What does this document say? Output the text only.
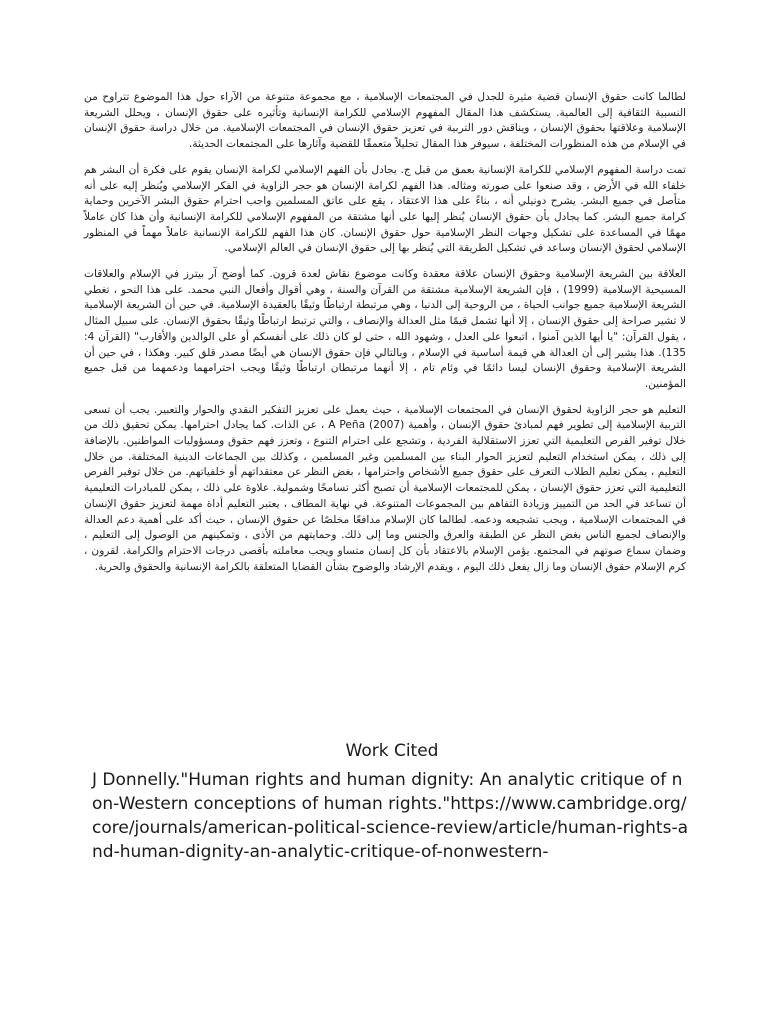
لطالما كانت حقوق الإنسان قضية مثيرة للجدل في المجتمعات الإسلامية ، مع مجموعة متنوعة من الآراء حول هذا الموضوع تتراوح من النسبية الثقافية إلى العالمية. يستكشف هذا المقال المفهوم الإسلامي للكرامة الإنسانية وتأثيره على حقوق الإنسان ، ويحلل الشريعة الإسلامية وعلاقتها بحقوق الإنسان ، ويناقش دور التربية في تعزيز حقوق الإنسان في المجتمعات الإسلامية. من خلال دراسة حقوق الإنسان في الإسلام من هذه المنظورات المختلفة ، سيوفر هذا المقال تحليلاً متعمقًا للقضية وآثارها على المجتمعات الحديثة.

تمت دراسة المفهوم الإسلامي للكرامة الإنسانية بعمق من قبل ج. يجادل بأن الفهم الإسلامي لكرامة الإنسان يقوم على فكرة أن البشر هم خلفاء الله في الأرض ، وقد صنعوا على صورته ومثاله. هذا الفهم لكرامة الإنسان هو حجر الزاوية في الفكر الإسلامي ويُنظر إليه على أنه متأصل في جميع البشر. يشرح دونيلي أنه ، بناءً على هذا الاعتقاد ، يقع على عاتق المسلمين واجب احترام حقوق البشر الآخرين وحماية كرامة جميع البشر. كما يجادل بأن حقوق الإنسان يُنظر إليها على أنها مشتقة من المفهوم الإسلامي للكرامة الإنسانية وأن هذا كان عاملاً مهمًا في المساعدة على تشكيل وجهات النظر الإسلامية حول حقوق الإنسان. كان هذا الفهم للكرامة الإنسانية عاملاً مهماً في المنظور الإسلامي لحقوق الإنسان وساعد في تشكيل الطريقة التي يُنظر بها إلى حقوق الإنسان في العالم الإسلامي.

العلاقة بين الشريعة الإسلامية وحقوق الإنسان علاقة معقدة وكانت موضوع نقاش لعدة قرون. كما أوضح آر بيترز في الإسلام والعلاقات المسيحية الإسلامية (1999) ، فإن الشريعة الإسلامية مشتقة من القرآن والسنة ، وهي أقوال وأفعال النبي محمد. على هذا النحو ، تغطي الشريعة الإسلامية جميع جوانب الحياة ، من الروحية إلى الدنيا ، وهي مرتبطة ارتباطًا وثيقًا بالعقيدة الإسلامية. في حين أن الشريعة الإسلامية لا تشير صراحة إلى حقوق الإنسان ، إلا أنها تشمل قيمًا مثل العدالة والإنصاف ، والتي ترتبط ارتباطًا وثيقًا بحقوق الإنسان. على سبيل المثال ، يقول القرآن: "يا أيها الذين آمنوا ، اتبعوا على العدل ، وشهود الله ، حتى لو كان ذلك على أنفسكم أو على الوالدين والأقارب" (القرآن 4: 135). هذا يشير إلى أن العدالة هي قيمة أساسية في الإسلام ، وبالتالي فإن حقوق الإنسان هي أيضًا مصدر قلق كبير. وهكذا ، في حين أن الشريعة الإسلامية وحقوق الإنسان ليسا دائمًا في وئام تام ، إلا أنهما مرتبطان ارتباطًا وثيقًا ويجب احترامهما ودعمهما من قبل جميع المؤمنين.

التعليم هو حجر الزاوية لحقوق الإنسان في المجتمعات الإسلامية ، حيث يعمل على تعزيز التفكير النقدي والحوار والتعبير. يجب أن تسعى التربية الإسلامية إلى تطوير فهم لمبادئ حقوق الإنسان ، وأهمية A Peña (2007) ، عن الذات. كما يجادل احترامها. يمكن تحقيق ذلك من خلال توفير الفرص التعليمية التي تعزز الاستقلالية الفردية ، وتشجع على احترام التنوع ، وتعزز فهم حقوق ومسؤوليات المواطنين. بالإضافة إلى ذلك ، يمكن استخدام التعليم لتعزيز الحوار البناء بين المسلمين وغير المسلمين ، وكذلك بين الجماعات الدينية المختلفة. من خلال التعليم ، يمكن تعليم الطلاب التعرف على حقوق جميع الأشخاص واحترامها ، بغض النظر عن معتقداتهم أو خلفياتهم. من خلال توفير الفرص التعليمية التي تعزز حقوق الإنسان ، يمكن للمجتمعات الإسلامية أن تصبح أكثر تسامحًا وشمولية. علاوة على ذلك ، يمكن للمبادرات التعليمية أن تساعد في الحد من التمييز وزيادة التفاهم بين المجموعات المتنوعة. في نهاية المطاف ، يعتبر التعليم أداة مهمة لتعزيز حقوق الإنسان في المجتمعات الإسلامية ، ويجب تشجيعه ودعمه. لطالما كان الإسلام مدافعًا مخلصًا عن حقوق الإنسان ، حيث أكد على أهمية دعم العدالة والإنصاف لجميع الناس بغض النظر عن الطبقة والعرق والجنس وما إلى ذلك. وحمايتهم من الأذى ، وتمكينهم من الوصول إلى التعليم ، وضمان سماع صوتهم في المجتمع. يؤمن الإسلام بالاعتقاد بأن كل إنسان متساو ويجب معاملته بأقصى درجات الاحترام والكرامة. لقرون ، كرم الإسلام حقوق الإنسان وما زال يفعل ذلك اليوم ، ويقدم الإرشاد والوضوح بشأن القضايا المتعلقة بالكرامة الإنسانية والحقوق والحرية.

Work Cited

J Donnelly."Human rights and human dignity: An analytic critique of non-Western conceptions of human rights."https://www.cambridge.org/core/journals/american-political-science-review/article/human-rights-and-human-dignity-an-analytic-critique-of-nonwestern-
